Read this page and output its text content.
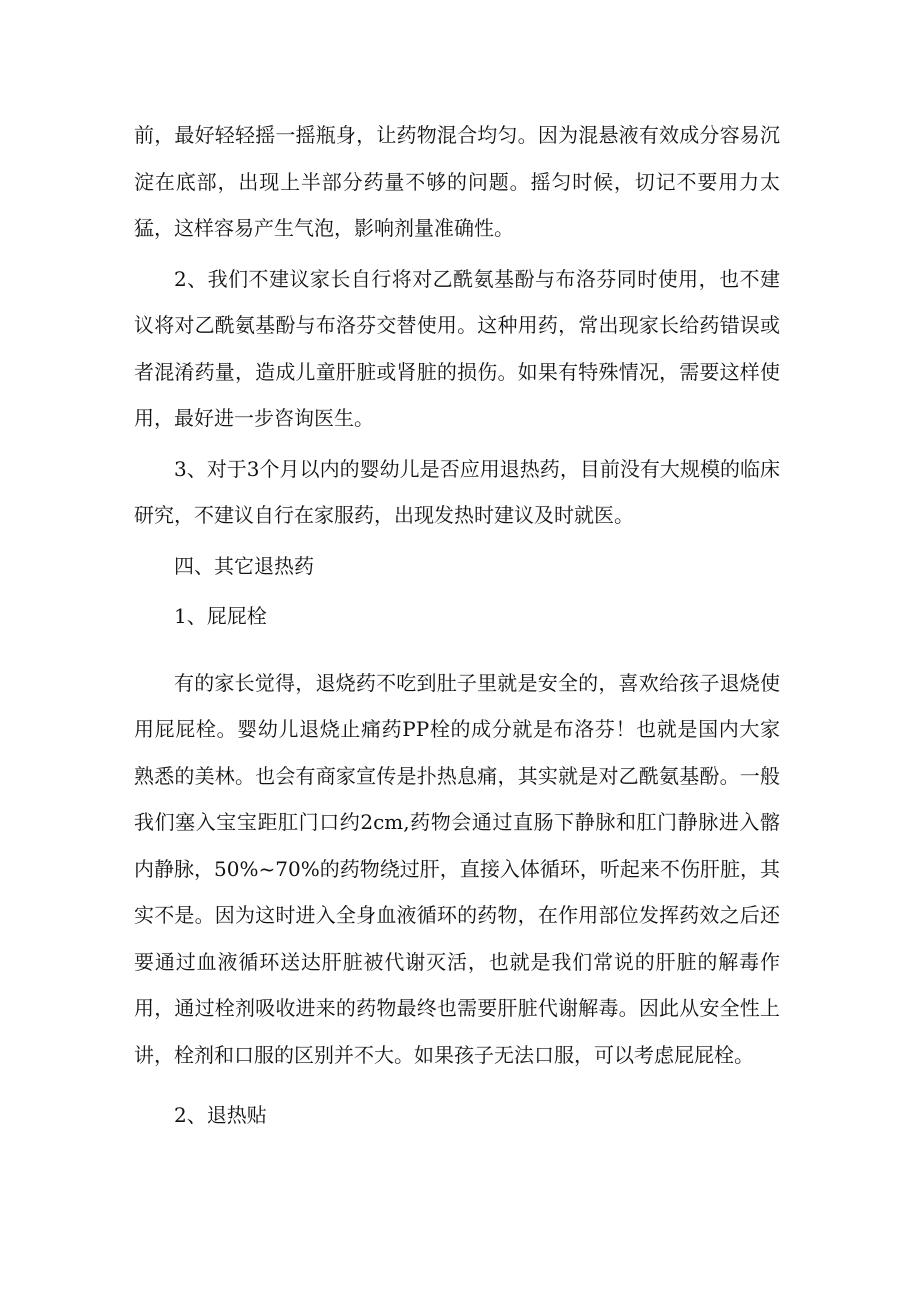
前，最好轻轻摇一摇瓶身，让药物混合均匀。因为混悬液有效成分容易沉淀在底部，出现上半部分药量不够的问题。摇匀时候，切记不要用力太猛，这样容易产生气泡，影响剂量准确性。

2、我们不建议家长自行将对乙酰氨基酚与布洛芬同时使用，也不建议将对乙酰氨基酚与布洛芬交替使用。这种用药，常出现家长给药错误或者混淆药量，造成儿童肝脏或肾脏的损伤。如果有特殊情况，需要这样使用，最好进一步咨询医生。

3、对于3个月以内的婴幼儿是否应用退热药，目前没有大规模的临床研究，不建议自行在家服药，出现发热时建议及时就医。

四、其它退热药

1、屁屁栓

有的家长觉得，退烧药不吃到肚子里就是安全的，喜欢给孩子退烧使用屁屁栓。婴幼儿退烧止痛药PP栓的成分就是布洛芬！也就是国内大家熟悉的美林。也会有商家宣传是扑热息痛，其实就是对乙酰氨基酚。一般我们塞入宝宝距肛门口约2cm,药物会通过直肠下静脉和肛门静脉进入髂内静脉，50%~70%的药物绕过肝，直接入体循环，听起来不伤肝脏，其实不是。因为这时进入全身血液循环的药物，在作用部位发挥药效之后还要通过血液循环送达肝脏被代谢灭活，也就是我们常说的肝脏的解毒作用，通过栓剂吸收进来的药物最终也需要肝脏代谢解毒。因此从安全性上讲，栓剂和口服的区别并不大。如果孩子无法口服，可以考虑屁屁栓。

2、退热贴
